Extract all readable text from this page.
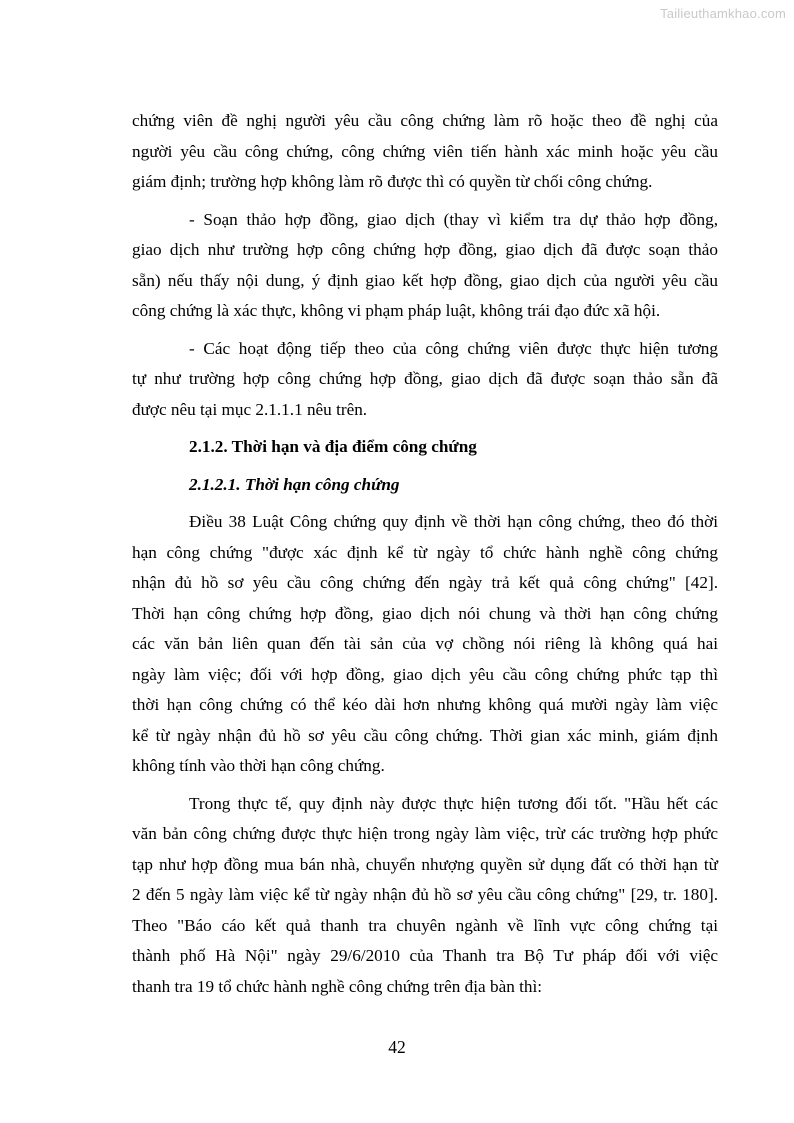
Tailieuthamkhao.com
chứng viên đề nghị người yêu cầu công chứng làm rõ hoặc theo đề nghị của
người yêu cầu công chứng, công chứng viên tiến hành xác minh hoặc yêu cầu
giám định; trường hợp không làm rõ được thì có quyền từ chối công chứng.
- Soạn thảo hợp đồng, giao dịch (thay vì kiểm tra dự thảo hợp đồng,
giao dịch như trường hợp công chứng hợp đồng, giao dịch đã được soạn thảo
sẵn) nếu thấy nội dung, ý định giao kết hợp đồng, giao dịch của người yêu cầu
công chứng là xác thực, không vi phạm pháp luật, không trái đạo đức xã hội.
- Các hoạt động tiếp theo của công chứng viên được thực hiện tương
tự như trường hợp công chứng hợp đồng, giao dịch đã được soạn thảo sẵn đã
được nêu tại mục 2.1.1.1 nêu trên.
2.1.2. Thời hạn và địa điểm công chứng
2.1.2.1. Thời hạn công chứng
Điều 38 Luật Công chứng quy định về thời hạn công chứng, theo đó thời
hạn công chứng "được xác định kể từ ngày tổ chức hành nghề công chứng
nhận đủ hồ sơ yêu cầu công chứng đến ngày trả kết quả công chứng" [42].
Thời hạn công chứng hợp đồng, giao dịch nói chung và thời hạn công chứng
các văn bản liên quan đến tài sản của vợ chồng nói riêng là không quá hai
ngày làm việc; đối với hợp đồng, giao dịch yêu cầu công chứng phức tạp thì
thời hạn công chứng có thể kéo dài hơn nhưng không quá mười ngày làm việc
kể từ ngày nhận đủ hồ sơ yêu cầu công chứng. Thời gian xác minh, giám định
không tính vào thời hạn công chứng.
Trong thực tế, quy định này được thực hiện tương đối tốt. "Hầu hết các
văn bản công chứng được thực hiện trong ngày làm việc, trừ các trường hợp phức
tạp như hợp đồng mua bán nhà, chuyển nhượng quyền sử dụng đất có thời hạn từ
2 đến 5 ngày làm việc kể từ ngày nhận đủ hồ sơ yêu cầu công chứng" [29, tr. 180].
Theo "Báo cáo kết quả thanh tra chuyên ngành về lĩnh vực công chứng tại
thành phố Hà Nội" ngày 29/6/2010 của Thanh tra Bộ Tư pháp đối với việc
thanh tra 19 tổ chức hành nghề công chứng trên địa bàn thì:
42
